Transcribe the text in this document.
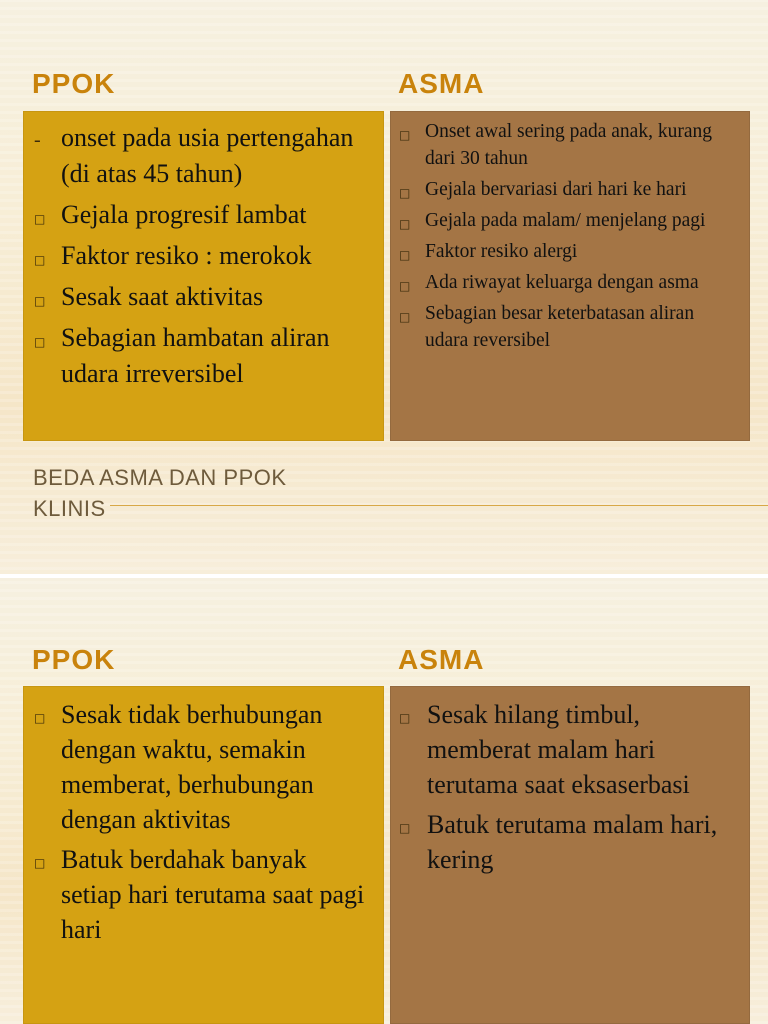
PPOK	ASMA
- onset pada usia pertengahan (di atas 45 tahun)
□ Gejala progresif lambat
□ Faktor resiko : merokok
□ Sesak saat aktivitas
□ Sebagian hambatan aliran udara irreversibel
□ Onset awal sering pada anak, kurang dari 30 tahun
□ Gejala bervariasi dari hari ke hari
□ Gejala pada malam/ menjelang pagi
□ Faktor resiko alergi
□ Ada riwayat keluarga dengan asma
□ Sebagian besar keterbatasan aliran udara reversibel
BEDA ASMA DAN PPOK
KLINIS
PPOK	ASMA
□ Sesak tidak berhubungan dengan waktu, semakin memberat, berhubungan dengan aktivitas
□ Batuk berdahak banyak setiap hari terutama saat pagi hari
□ Sesak hilang timbul, memberat malam hari terutama saat eksaserbasi
□ Batuk terutama malam hari, kering
